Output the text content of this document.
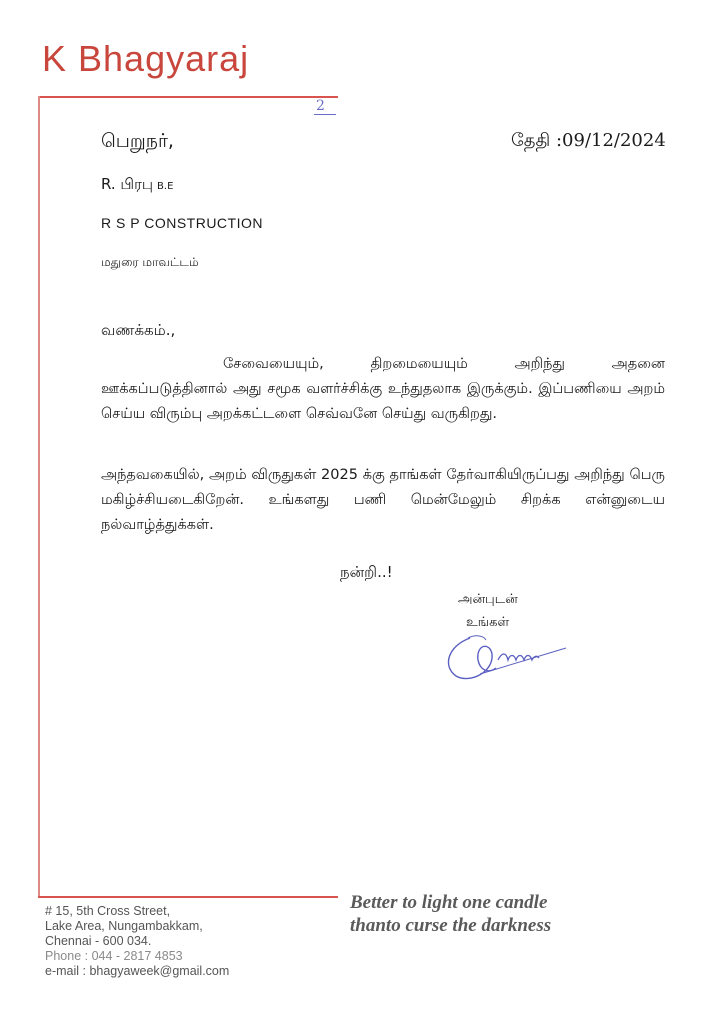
K Bhagyaraj
2
பெறுநர்,	தேதி :09/12/2024
R. பிரபு B.E
R S P CONSTRUCTION
மதுரை மாவட்டம்
வணக்கம்.,
சேவையையும், திறமையையும் அறிந்து அதனை ஊக்கப்படுத்தினால் அது சமூக வளர்ச்சிக்கு உந்துதலாக இருக்கும். இப்பணியை அறம் செய்ய விரும்பு அறக்கட்டளை செவ்வனே செய்து வருகிறது.
அந்தவகையில், அறம் விருதுகள் 2025 க்கு தாங்கள் தேர்வாகியிருப்பது அறிந்து பெரு மகிழ்ச்சியடைகிறேன். உங்களது பணி மென்மேலும் சிறக்க என்னுடைய நல்வாழ்த்துக்கள்.
நன்றி..!
அன்புடன்
உங்கள்
# 15, 5th Cross Street,
Lake Area, Nungambakkam,
Chennai - 600 034.
Phone : 044 - 2817 4853
e-mail : bhagyaweek@gmail.com
Better to light one candle
thanto curse the darkness
